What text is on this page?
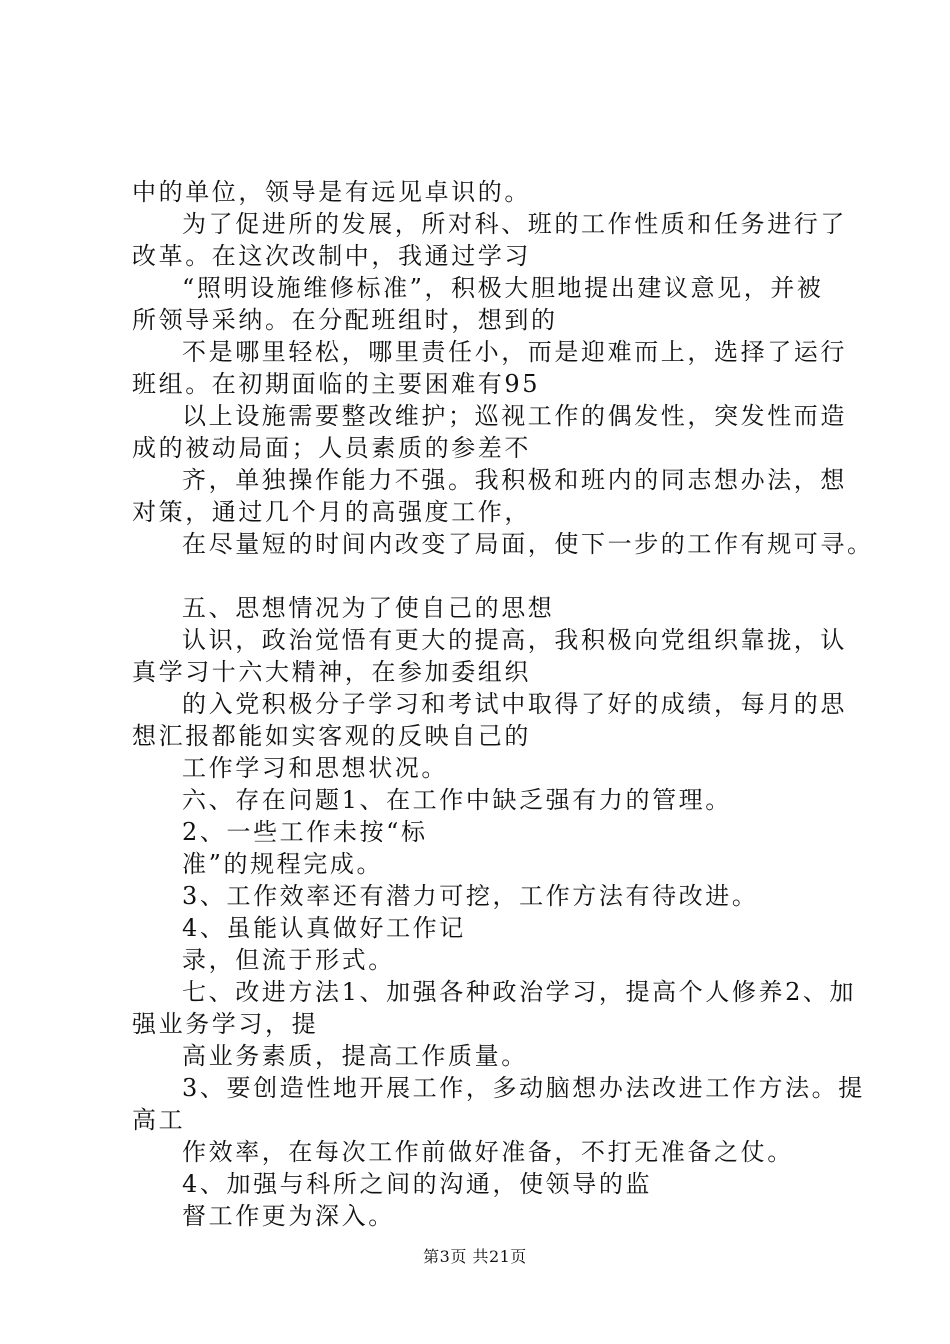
中的单位，领导是有远见卓识的。
为了促进所的发展，所对科、班的工作性质和任务进行了
改革。在这次改制中，我通过学习
“照明设施维修标准”，积极大胆地提出建议意见，并被
所领导采纳。在分配班组时，想到的
不是哪里轻松，哪里责任小，而是迎难而上，选择了运行
班组。在初期面临的主要困难有95
以上设施需要整改维护；巡视工作的偶发性，突发性而造
成的被动局面；人员素质的参差不
齐，单独操作能力不强。我积极和班内的同志想办法，想
对策，通过几个月的高强度工作，
在尽量短的时间内改变了局面，使下一步的工作有规可寻。
五、思想情况为了使自己的思想
认识，政治觉悟有更大的提高，我积极向党组织靠拢，认
真学习十六大精神，在参加委组织
的入党积极分子学习和考试中取得了好的成绩，每月的思
想汇报都能如实客观的反映自己的
工作学习和思想状况。
六、存在问题1、在工作中缺乏强有力的管理。
2、一些工作未按“标
准”的规程完成。
3、工作效率还有潜力可挖，工作方法有待改进。
4、虽能认真做好工作记
录，但流于形式。
七、改进方法1、加强各种政治学习，提高个人修养2、加
强业务学习，提
高业务素质，提高工作质量。
3、要创造性地开展工作，多动脑想办法改进工作方法。提
高工
作效率，在每次工作前做好准备，不打无准备之仗。
4、加强与科所之间的沟通，使领导的监
督工作更为深入。
第3页 共21页
